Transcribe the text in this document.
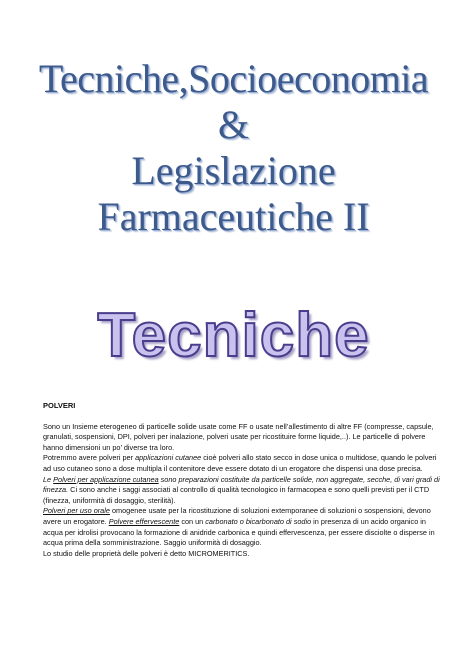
Tecniche,Socioeconomia
&
Legislazione
Farmaceutiche II
Tecniche
POLVERI

Sono un Insieme eterogeneo di particelle solide usate come FF o usate nell’allestimento di altre FF (compresse, capsule, granulati, sospensioni, DPI, polveri per inalazione, polveri usate per ricostituire forme liquide,..). Le particelle di polvere hanno dimensioni un po’ diverse tra loro.

Potremmo avere polveri per applicazioni cutanee cioè polveri allo stato secco in dose unica o multidose, quando le polveri ad uso cutaneo sono a dose multipla il contenitore deve essere dotato di un erogatore che dispensi una dose precisa.

Le Polveri per applicazione cutanea sono preparazioni costituite da particelle solide, non aggregate, secche, di vari gradi di finezza. Ci sono anche i saggi associati al controllo di qualità tecnologico in farmacopea e sono quelli previsti per il CTD (finezza, uniformità di dosaggio, sterilità).

Polveri per uso orale omogenee usate per la ricostituzione di soluzioni extemporanee di soluzioni o sospensioni, devono avere un erogatore. Polvere effervescente con un carbonato o bicarbonato di sodio in presenza di un acido organico in acqua per idrolisi provocano la formazione di anidride carbonica e quindi effervescenza, per essere disciolte o disperse in acqua prima della somministrazione. Saggio uniformità di dosaggio.

Lo studio delle proprietà delle polveri è detto MICROMERITICS.
